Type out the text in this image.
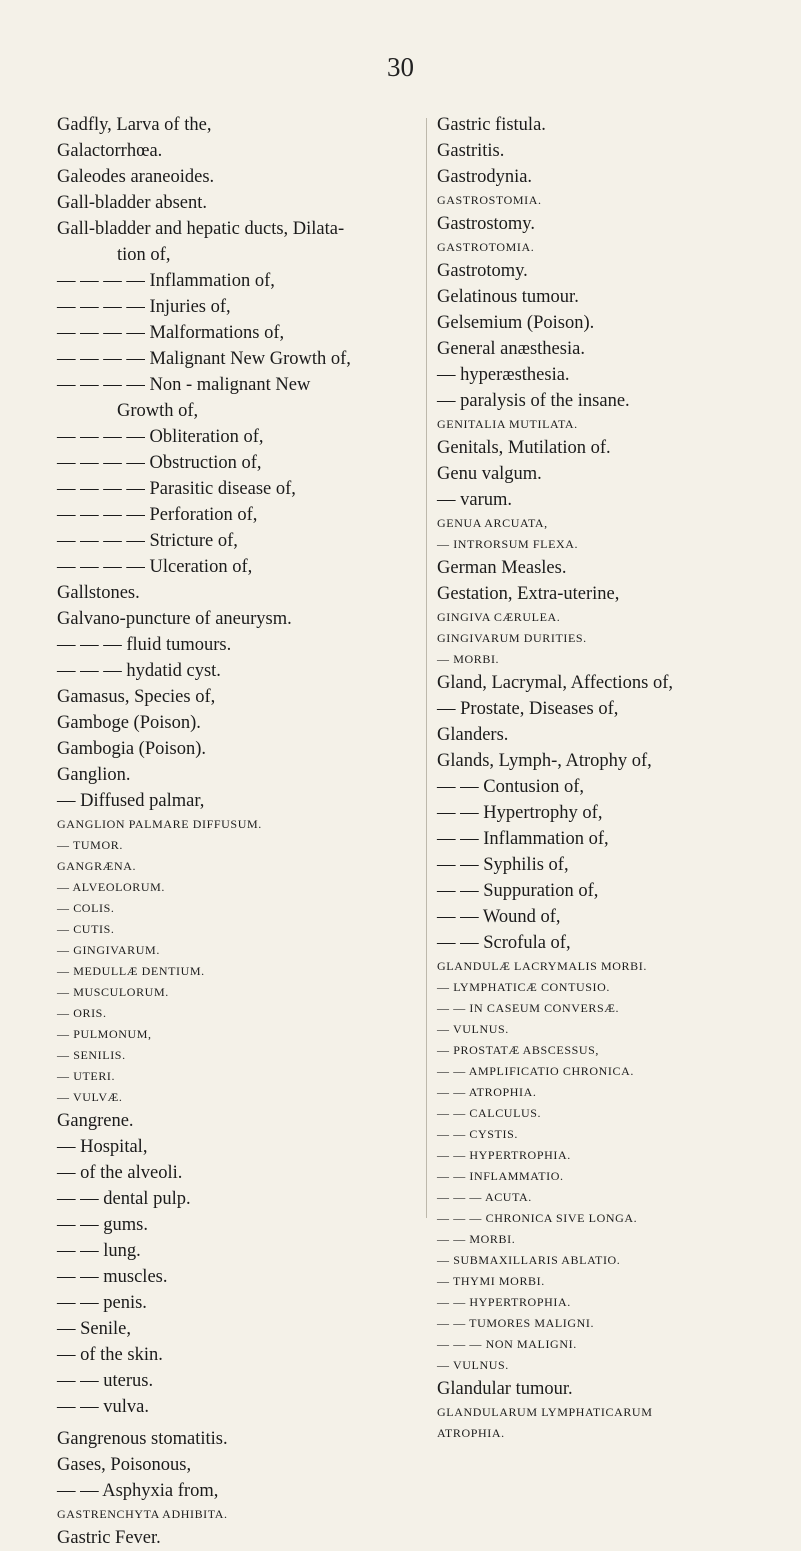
30
Gadfly, Larva of the,
Galactorrhœa.
Galeodes araneoides.
Gall-bladder absent.
Gall-bladder and hepatic ducts, Dilata-
tion of,
— — — — Inflammation of,
— — — — Injuries of,
— — — — Malformations of,
— — — — Malignant New Growth of,
— — — — Non - malignant New
Growth of,
— — — — Obliteration of,
— — — — Obstruction of,
— — — — Parasitic disease of,
— — — — Perforation of,
— — — — Stricture of,
— — — — Ulceration of,
Gallstones.
Galvano-puncture of aneurysm.
— — — fluid tumours.
— — — hydatid cyst.
Gamasus, Species of,
Gamboge (Poison).
Gambogia (Poison).
Ganglion.
— Diffused palmar,
GANGLION PALMARE DIFFUSUM.
— TUMOR.
GANGRÆNA.
— ALVEOLORUM.
— COLIS.
— CUTIS.
— GINGIVARUM.
— MEDULLÆ DENTIUM.
— MUSCULORUM.
— ORIS.
— PULMONUM,
— SENILIS.
— UTERI.
— VULVÆ.
Gangrene.
— Hospital,
— of the alveoli.
— — dental pulp.
— — gums.
— — lung.
— — muscles.
— — penis.
— Senile,
— of the skin.
— — uterus.
— — vulva.
Gangrenous stomatitis.
Gases, Poisonous,
— — Asphyxia from,
GASTRENCHYTA ADHIBITA.
Gastric Fever.
Gastric fistula.
Gastritis.
Gastrodynia.
GASTROSTOMIA.
Gastrostomy.
GASTROTOMIA.
Gastrotomy.
Gelatinous tumour.
Gelsemium (Poison).
General anæsthesia.
— hyperæsthesia.
— paralysis of the insane.
GENITALIA MUTILATA.
Genitals, Mutilation of.
Genu valgum.
— varum.
GENUA ARCUATA,
— INTRORSUM FLEXA.
German Measles.
Gestation, Extra-uterine,
GINGIVA CÆRULEA.
GINGIVARUM DURITIES.
— MORBI.
Gland, Lacrymal, Affections of,
— Prostate, Diseases of,
Glanders.
Glands, Lymph-, Atrophy of,
— — Contusion of,
— — Hypertrophy of,
— — Inflammation of,
— — Syphilis of,
— — Suppuration of,
— — Wound of,
— — Scrofula of,
GLANDULÆ LACRYMALIS MORBI.
— LYMPHATICÆ CONTUSIO.
— — IN CASEUM CONVERSÆ.
— VULNUS.
— PROSTATÆ ABSCESSUS,
— — AMPLIFICATIO CHRONICA.
— — ATROPHIA.
— — CALCULUS.
— — CYSTIS.
— — HYPERTROPHIA.
— — INFLAMMATIO.
— — — ACUTA.
— — — CHRONICA SIVE LONGA.
— — MORBI.
— SUBMAXILLARIS ABLATIO.
— THYMI MORBI.
— — HYPERTROPHIA.
— — TUMORES MALIGNI.
— — — NON MALIGNI.
— VULNUS.
Glandular tumour.
GLANDULARUM LYMPHATICARUM
ATROPHIA.
